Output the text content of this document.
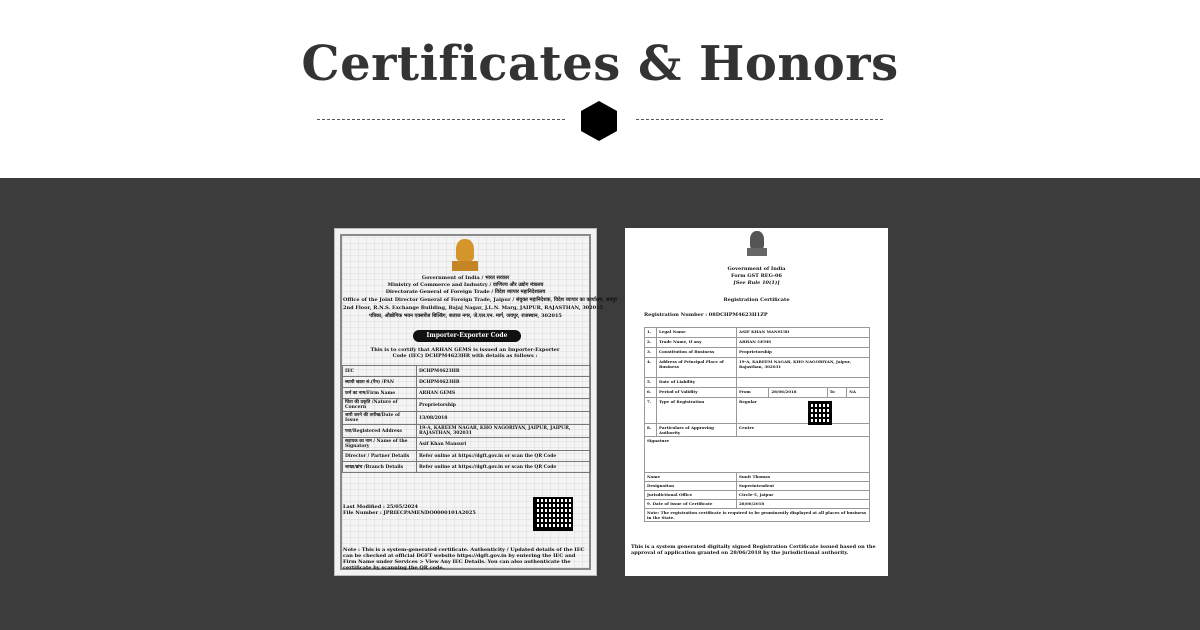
Certificates & Honors
Government of India / भारत सरकार
Ministry of Commerce and Industry / वाणिज्य और उद्योग मंत्रालय
Directorate General of Foreign Trade / विदेश व्यापार महानिदेशालय
Office of the Joint Director General of Foreign Trade, Jaipur / संयुक्त महानिदेशक, विदेश व्यापार का कार्यालय, जयपुर
2nd Floor, R.N.S. Exchange Building, Bajaj Nagar, J.L.N. Marg, JAIPUR, RAJASTHAN, 302015
पत्रिका, औद्योगिक भवन एक्सचेंज बिल्डिंग, बजाज नगर, जे.एल.एन. मार्ग, जयपुर, राजस्थान, 302015
Importer-Exporter Code
This is to certify that ARHAN GEMS is issued an Importer-Exporter Code (IEC) DCHPM4623HR with details as follows :
IEC	DCHPM4623HR
स्थायी खाता सं.(पैन) /PAN	DCHPM4623HR
फर्म का नाम/Firm Name	ARHAN GEMS
चिंता की प्रकृति /Nature of Concern	Proprietorship
जारी करने की तारीख/Date of Issue	13/08/2018
पता/Registered Address	19-A, KAREEM NAGAR, KHO NAGORIYAN, JAIPUR, JAIPUR, RAJASTHAN, 302031
सहायक का नाम / Name of the Signatory	Asif Khan Mansuri
Director / Partner Details	Refer online at https://dgft.gov.in or scan the QR Code
शाखा/ब्रांच /Branch Details	Refer online at https://dgft.gov.in or scan the QR Code
Last Modified : 25/05/2024
File Number : JPRIECPAMENDO0000101A2025
Note : This is a system-generated certificate. Authenticity / Updated details of the IEC can be checked at official DGFT website https://dgft.gov.in by entering the IEC and Firm Name under Services > View Any IEC Details. You can also authenticate the certificate by scanning the QR code.
Government of India
Form GST REG-06
[See Rule 10(1)]
Registration Certificate
Registration Number : 08DCHPM4623H1ZP
1.	Legal Name	ASIF KHAN MANSURI			
2.	Trade Name, if any	ARHAN GEMS			
3.	Constitution of Business	Proprietorship			
4.	Address of Principal Place of Business	19-A, KAREEM NAGAR, KHO NAGORIYAN, Jaipur, Rajasthan, 302031			
5.	Date of Liability				
6.	Period of Validity	From	28/06/2018	To	NA
7.	Type of Registration	Regular			
8.	Particulars of Approving Authority	Centre			
Signature					
Name		Sunit Thomas			
Designation		Superintendent			
Jurisdictional Office		Circle-5, Jaipur			
9. Date of issue of Certificate		28/06/2018			
Note: The registration certificate is required to be prominently displayed at all places of business in the State.					
This is a system generated digitally signed Registration Certificate issued based on the approval of application granted on 28/06/2018 by the jurisdictional authority.
